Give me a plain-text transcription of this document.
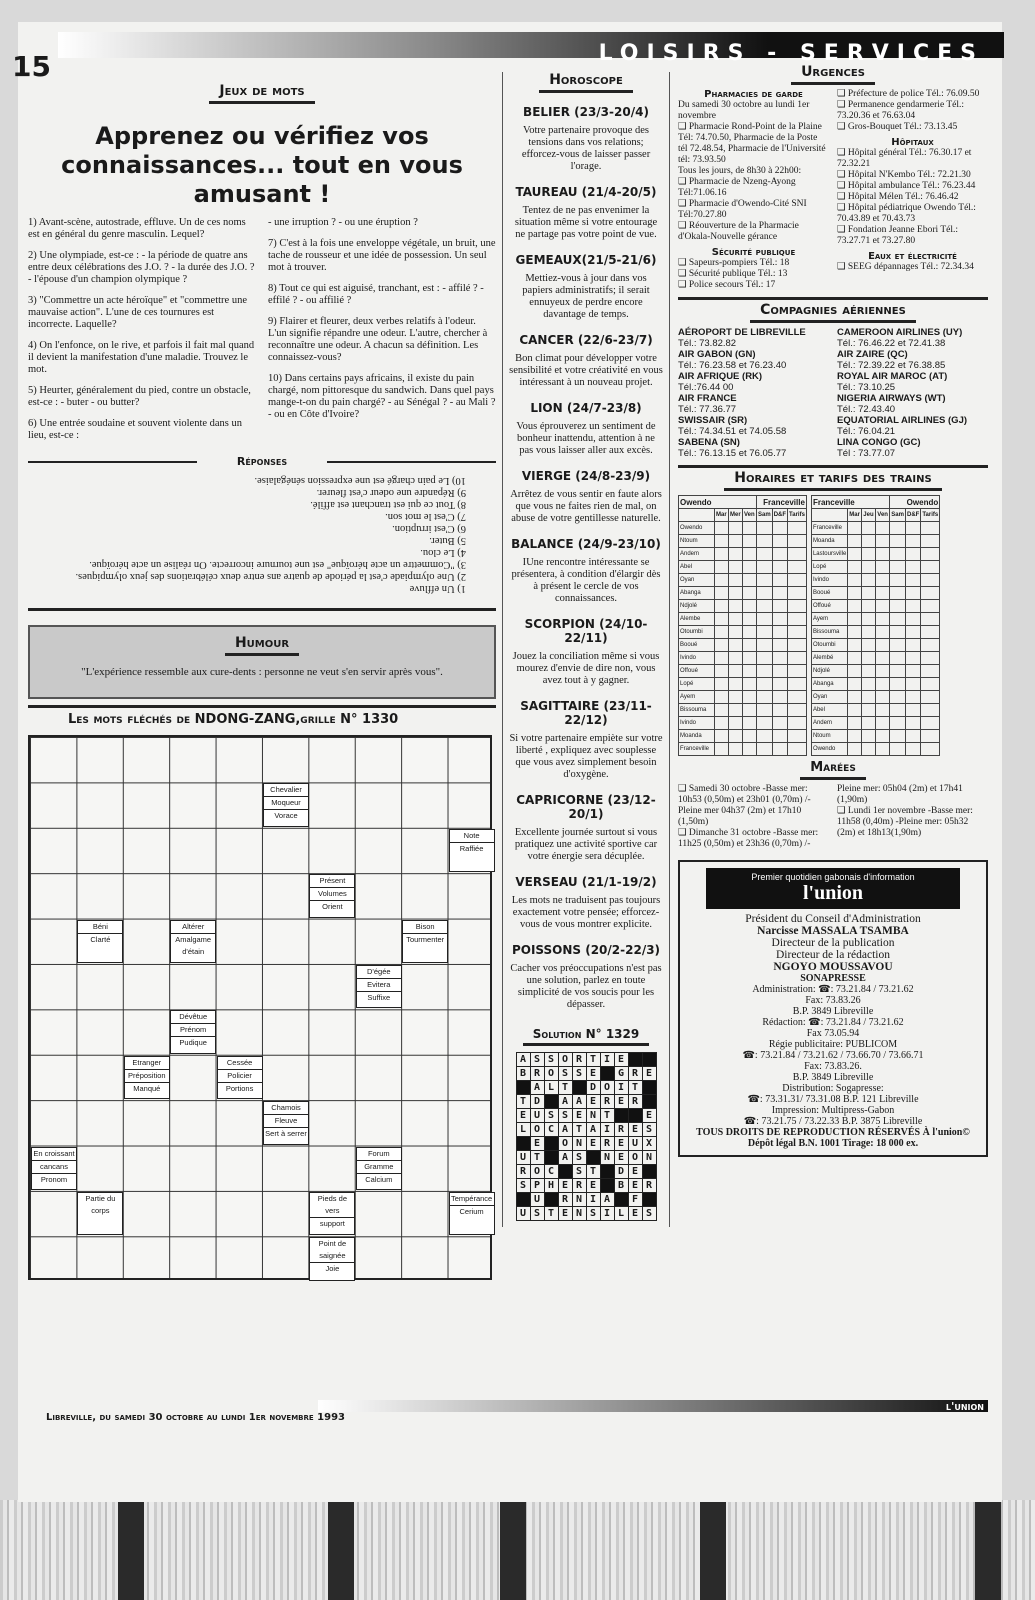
LOISIRS - SERVICES
15
Jeux de mots
Apprenez ou vérifiez vos connaissances... tout en vous amusant !

1) Avant-scène, autostrade, effluve. Un de ces noms est en général du genre masculin. Lequel?

2) Une olympiade, est-ce : - la période de quatre ans entre deux célébrations des J.O. ? - la durée des J.O. ? - l'épouse d'un champion olympique ?

3) "Commettre un acte héroïque" et "commettre une mauvaise action". L'une de ces tournures est incorrecte. Laquelle?

4) On l'enfonce, on le rive, et parfois il fait mal quand il devient la manifestation d'une maladie. Trouvez le mot.

5) Heurter, généralement du pied, contre un obstacle, est-ce : - buter - ou butter?

6) Une entrée soudaine et souvent violente dans un lieu, est-ce :

- une irruption ? - ou une éruption ?

7) C'est à la fois une enveloppe végétale, un bruit, une tache de rousseur et une idée de possession. Un seul mot à trouver.

8) Tout ce qui est aiguisé, tranchant, est : - affilé ? - effilé ? - ou affilié ?

9) Flairer et fleurer, deux verbes relatifs à l'odeur. L'un signifie répandre une odeur. L'autre, chercher à reconnaître une odeur. A chacun sa définition. Les connaissez-vous?

10) Dans certains pays africains, il existe du pain chargé, nom pittoresque du sandwich. Dans quel pays mange-t-on du pain chargé? - au Sénégal ? - au Mali ? - ou en Côte d'Ivoire?

Réponses

1) Un effluve

2) Une olympiade c'est la période de quatre ans entre deux célébrations des jeux olympiques.

3) "Commettre un acte héroïque" est une tournure incorrecte. On réalise un acte héroïque.

4) Le clou.

5) Buter.

6) C'est irruption.

7) C'est le mot son.

8) Tout ce qui est tranchant est affilé.

9) Répandre une odeur c'est fleurer.

10) Le pain chargé est une expression sénégalaise.

Humour

"L'expérience ressemble aux cure-dents : personne ne veut s'en servir après vous".

Les mots fléchés de NDONG-ZANG,grille N° 1330
Chevalier
Moqueur
Vorace
Note
Raffiée
Présent
Volumes
Orient
Béni
Clarté
Altérer
Amalgame d'étain
Bison
Tourmenter
D'égée
Evitera
Suffixe
Dévêtue
Prénom
Pudique
Etranger
Préposition
Manqué
Cessée
Policier
Portions
Chamois
Fleuve
Sert à serrer
Forum
Gramme
Calcium
En croissant
cancans
Pronom
Partie du corps
Pieds de vers
support
Tempérance
Cerium
Point de saignée
Joie
Horoscope
BELIER (23/3-20/4)

Votre partenaire provoque des tensions dans vos relations; efforcez-vous de laisser passer l'orage.

TAUREAU (21/4-20/5)

Tentez de ne pas envenimer la situation même si votre entourage ne partage pas votre point de vue.

GEMEAUX(21/5-21/6)

Mettiez-vous à jour dans vos papiers administratifs; il serait ennuyeux de perdre encore davantage de temps.

CANCER (22/6-23/7)

Bon climat pour développer votre sensibilité et votre créativité en vous intéressant à un nouveau projet.

LION (24/7-23/8)

Vous éprouverez un sentiment de bonheur inattendu, attention à ne pas vous laisser aller aux excès.

VIERGE (24/8-23/9)

Arrêtez de vous sentir en faute alors que vous ne faites rien de mal, on abuse de votre gentillesse naturelle.

BALANCE (24/9-23/10)

IUne rencontre intéressante se présentera, à condition d'élargir dès à présent le cercle de vos connaissances.

SCORPION (24/10-22/11)

Jouez la conciliation même si vous mourez d'envie de dire non, vous avez tout à y gagner.

SAGITTAIRE (23/11-22/12)

Si votre partenaire empiète sur votre liberté , expliquez avec souplesse que vous avez simplement besoin d'oxygène.

CAPRICORNE (23/12-20/1)

Excellente journée surtout si vous pratiquez une activité sportive car votre énergie sera décuplée.

VERSEAU (21/1-19/2)

Les mots ne traduisent pas toujours exactement votre pensée; efforcez-vous de vous montrer explicite.

POISSONS (20/2-22/3)

Cacher vos préoccupations n'est pas une solution, parlez en toute simplicité de vos soucis pour les dépasser.

Solution N° 1329
A	S	S	O	R	T	I	E		
B	R	O	S	S	E		G	R	E
	A	L	T		D	O	I	T	
T	D		A	A	E	R	E	R	
E	U	S	S	E	N	T			E
L	O	C	A	T	A	I	R	E	S
	E		O	N	E	R	E	U	X
U	T		A	S		N	E	O	N
R	O	C		S	T		D	E	
S	P	H	E	R	E		B	E	R
	U		R	N	I	A		F	
U	S	T	E	N	S	I	L	E	S
Urgences
Pharmacies de garde
Du samedi 30 octobre au lundi 1er novembre
❑ Pharmacie Rond-Point de la Plaine Tél: 74.70.50, Pharmacie de la Poste tél 72.48.54, Pharmacie de l'Université tél: 73.93.50
Tous les jours, de 8h30 à 22h00:
❑ Pharmacie de Nzeng-Ayong Tél:71.06.16
❑ Pharmacie d'Owendo-Cité SNI Tél:70.27.80
❑ Réouverture de la Pharmacie d'Okala-Nouvelle gérance
Sécurité publique
❑ Sapeurs-pompiers Tél.: 18
❑ Sécurité publique Tél.: 13
❑ Police secours Tél.: 17
❑ Préfecture de police Tél.: 76.09.50
❑ Permanence gendarmerie Tél.: 73.20.36 et 76.63.04
❑ Gros-Bouquet Tél.: 73.13.45
Hôpitaux
❑ Hôpital général Tél.: 76.30.17 et 72.32.21
❑ Hôpital N'Kembo Tél.: 72.21.30
❑ Hôpital ambulance Tél.: 76.23.44
❑ Hôpital Mélen Tél.: 76.46.42
❑ Hôpital pédiatrique Owendo Tél.: 70.43.89 et 70.43.73
❑ Fondation Jeanne Ebori Tél.: 73.27.71 et 73.27.80
Eaux et électricité
❑ SEEG dépannages Tél.: 72.34.34
Compagnies aériennes
AÉROPORT DE LIBREVILLE
Tél.: 73.82.82
AIR GABON (GN)
Tél.: 76.23.58 et 76.23.40
AIR AFRIQUE (RK)
Tél.:76.44 00
AIR FRANCE
Tél.: 77.36.77
SWISSAIR (SR)
Tél.: 74.34.51 et 74.05.58
SABENA (SN)
Tél.: 76.13.15 et 76.05.77
CAMEROON AIRLINES (UY)
Tél.: 76.46.22 et 72.41.38
AIR ZAIRE (QC)
Tél.: 72.39.22 et 76.38.85
ROYAL AIR MAROC (AT)
Tél.: 73.10.25
NIGERIA AIRWAYS (WT)
Tél.: 72.43.40
EQUATORIAL AIRLINES (GJ)
Tél.: 76.04.21
LINA CONGO (GC)
Tél : 73.77.07
Horaires et tarifs des trains
Owendo				Franceville		
	Mar	Mer	Ven	Sam	D&F	Tarifs
Owendo						
Ntoum						
Andem						
Abel						
Oyan						
Abanga						
Ndjolé						
Alembe						
Otoumbi						
Booué						
Ivindo						
Offoué						
Lopé						
Ayem						
Bissouma						
Ivindo						
Moanda						
Franceville						
Franceville				Owendo		
	Mar	Jeu	Ven	Sam	D&F	Tarifs
Franceville						
Moanda						
Lastoursville						
Lopé						
Ivindo						
Booué						
Offoué						
Ayem						
Bissouma						
Otoumbi						
Alembé						
Ndjolé						
Abanga						
Oyan						
Abel						
Andem						
Ntoum						
Owendo						
Marées
❑ Samedi 30 octobre -Basse mer: 10h53 (0,50m) et 23h01 (0,70m) /-Pleine mer 04h37 (2m) et 17h10 (1,50m)
❑ Dimanche 31 octobre -Basse mer: 11h25 (0,50m) et 23h36 (0,70m) /-Pleine mer: 05h04 (2m) et 17h41 (1,90m)
❑ Lundi 1er novembre -Basse mer: 11h58 (0,40m) -Pleine mer: 05h32 (2m) et 18h13(1,90m)
Premier quotidien gabonais d'information
l'union
Président du Conseil d'Administration
Narcisse MASSALA TSAMBA
Directeur de la publication
Directeur de la rédaction
NGOYO MOUSSAVOU
SONAPRESSE
Administration: ☎: 73.21.84 / 73.21.62
Fax: 73.83.26
B.P. 3849 Libreville
Rédaction: ☎: 73.21.84 / 73.21.62
Fax 73.05.94
Régie publicitaire: PUBLICOM
☎: 73.21.84 / 73.21.62 / 73.66.70 / 73.66.71
Fax: 73.83.26.
B.P. 3849 Libreville
Distribution: Sogapresse:
☎: 73.31.31/ 73.31.08 B.P. 121 Libreville
Impression: Multipress-Gabon
☎: 73.21.75 / 73.22.33 B.P. 3875 Libreville
TOUS DROITS DE REPRODUCTION RÉSERVÉS À l'union©
Dépôt légal B.N. 1001 Tirage: 18 000 ex.
Libreville, du samedi 30 octobre au lundi 1er novembre 1993
l'union
